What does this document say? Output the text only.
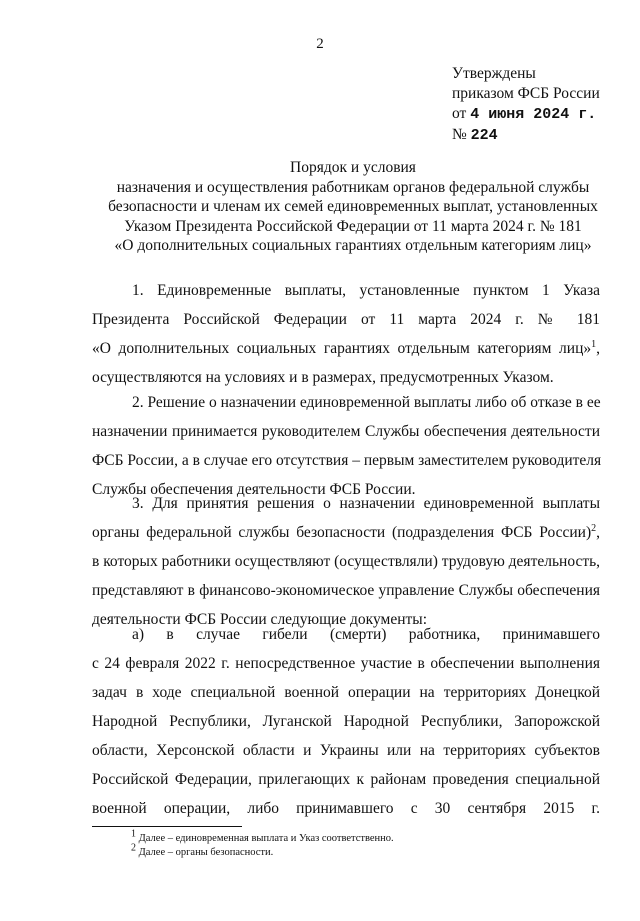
2
Утверждены
приказом ФСБ России
от 4 июня 2024 г.
№ 224
Порядок и условия
назначения и осуществления работникам органов федеральной службы
безопасности и членам их семей единовременных выплат, установленных
Указом Президента Российской Федерации от 11 марта 2024 г. № 181
«О дополнительных социальных гарантиях отдельным категориям лиц»
1. Единовременные выплаты, установленные пунктом 1 Указа
Президента Российской Федерации от 11 марта 2024 г. № 181
«О дополнительных социальных гарантиях отдельным категориям лиц»$^1$,
осуществляются на условиях и в размерах, предусмотренных Указом.
2. Решение о назначении единовременной выплаты либо об отказе в ее
назначении принимается руководителем Службы обеспечения деятельности
ФСБ России, а в случае его отсутствия – первым заместителем руководителя
Службы обеспечения деятельности ФСБ России.
3. Для принятия решения о назначении единовременной выплаты
органы федеральной службы безопасности (подразделения ФСБ России)$^2$,
в которых работники осуществляют (осуществляли) трудовую деятельность,
представляют в финансово-экономическое управление Службы обеспечения
деятельности ФСБ России следующие документы:
а) в случае гибели (смерти) работника, принимавшего
с 24 февраля 2022 г. непосредственное участие в обеспечении выполнения
задач в ходе специальной военной операции на территориях Донецкой
Народной Республики, Луганской Народной Республики, Запорожской
области, Херсонской области и Украины или на территориях субъектов
Российской Федерации, прилегающих к районам проведения специальной
военной операции, либо принимавшего с 30 сентября 2015 г.
$^1$ Далее – единовременная выплата и Указ соответственно.
$^2$ Далее – органы безопасности.
